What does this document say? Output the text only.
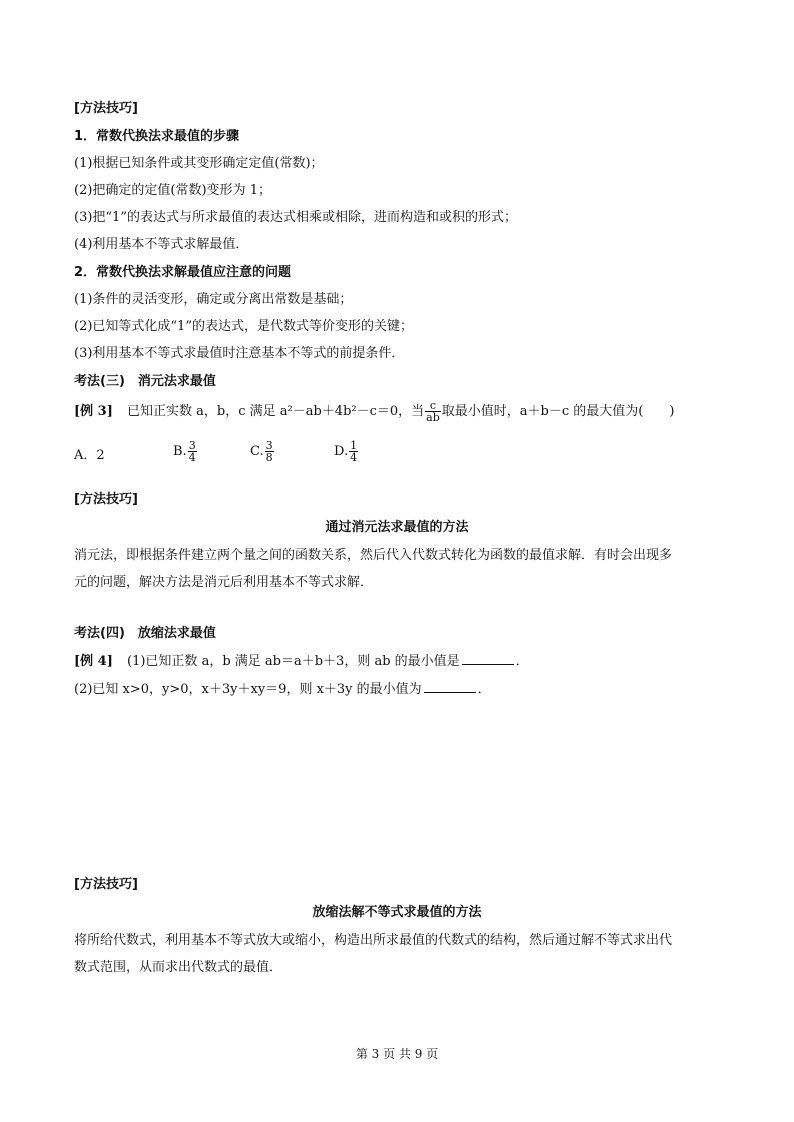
[方法技巧]
1．常数代换法求最值的步骤
(1)根据已知条件或其变形确定定值(常数)；
(2)把确定的定值(常数)变形为 1；
(3)把“1”的表达式与所求最值的表达式相乘或相除，进而构造和或积的形式；
(4)利用基本不等式求解最值．
2．常数代换法求解最值应注意的问题
(1)条件的灵活变形，确定或分离出常数是基础；
(2)已知等式化成“1”的表达式，是代数式等价变形的关键；
(3)利用基本不等式求最值时注意基本不等式的前提条件．
考法(三)　消元法求最值
[例 3] 已知正实数 a，b，c 满足 a²－ab＋4b²－c＝0，当 $\frac{c}{ab}$ 取最小值时，a＋b－c 的最大值为(　　)
A．2	B. $\frac{3}{4}$	C. $\frac{3}{8}$	D. $\frac{1}{4}$
[方法技巧]
通过消元法求最值的方法
消元法，即根据条件建立两个量之间的函数关系，然后代入代数式转化为函数的最值求解．有时会出现多
元的问题，解决方法是消元后利用基本不等式求解．
考法(四)　放缩法求最值
[例 4] (1)已知正数 a，b 满足 ab＝a＋b＋3，则 ab 的最小值是	．
(2)已知 x>0，y>0，x＋3y＋xy＝9，则 x＋3y 的最小值为	．
[方法技巧]
放缩法解不等式求最值的方法
将所给代数式，利用基本不等式放大或缩小，构造出所求最值的代数式的结构，然后通过解不等式求出代
数式范围，从而求出代数式的最值．
第 3 页 共 9 页
